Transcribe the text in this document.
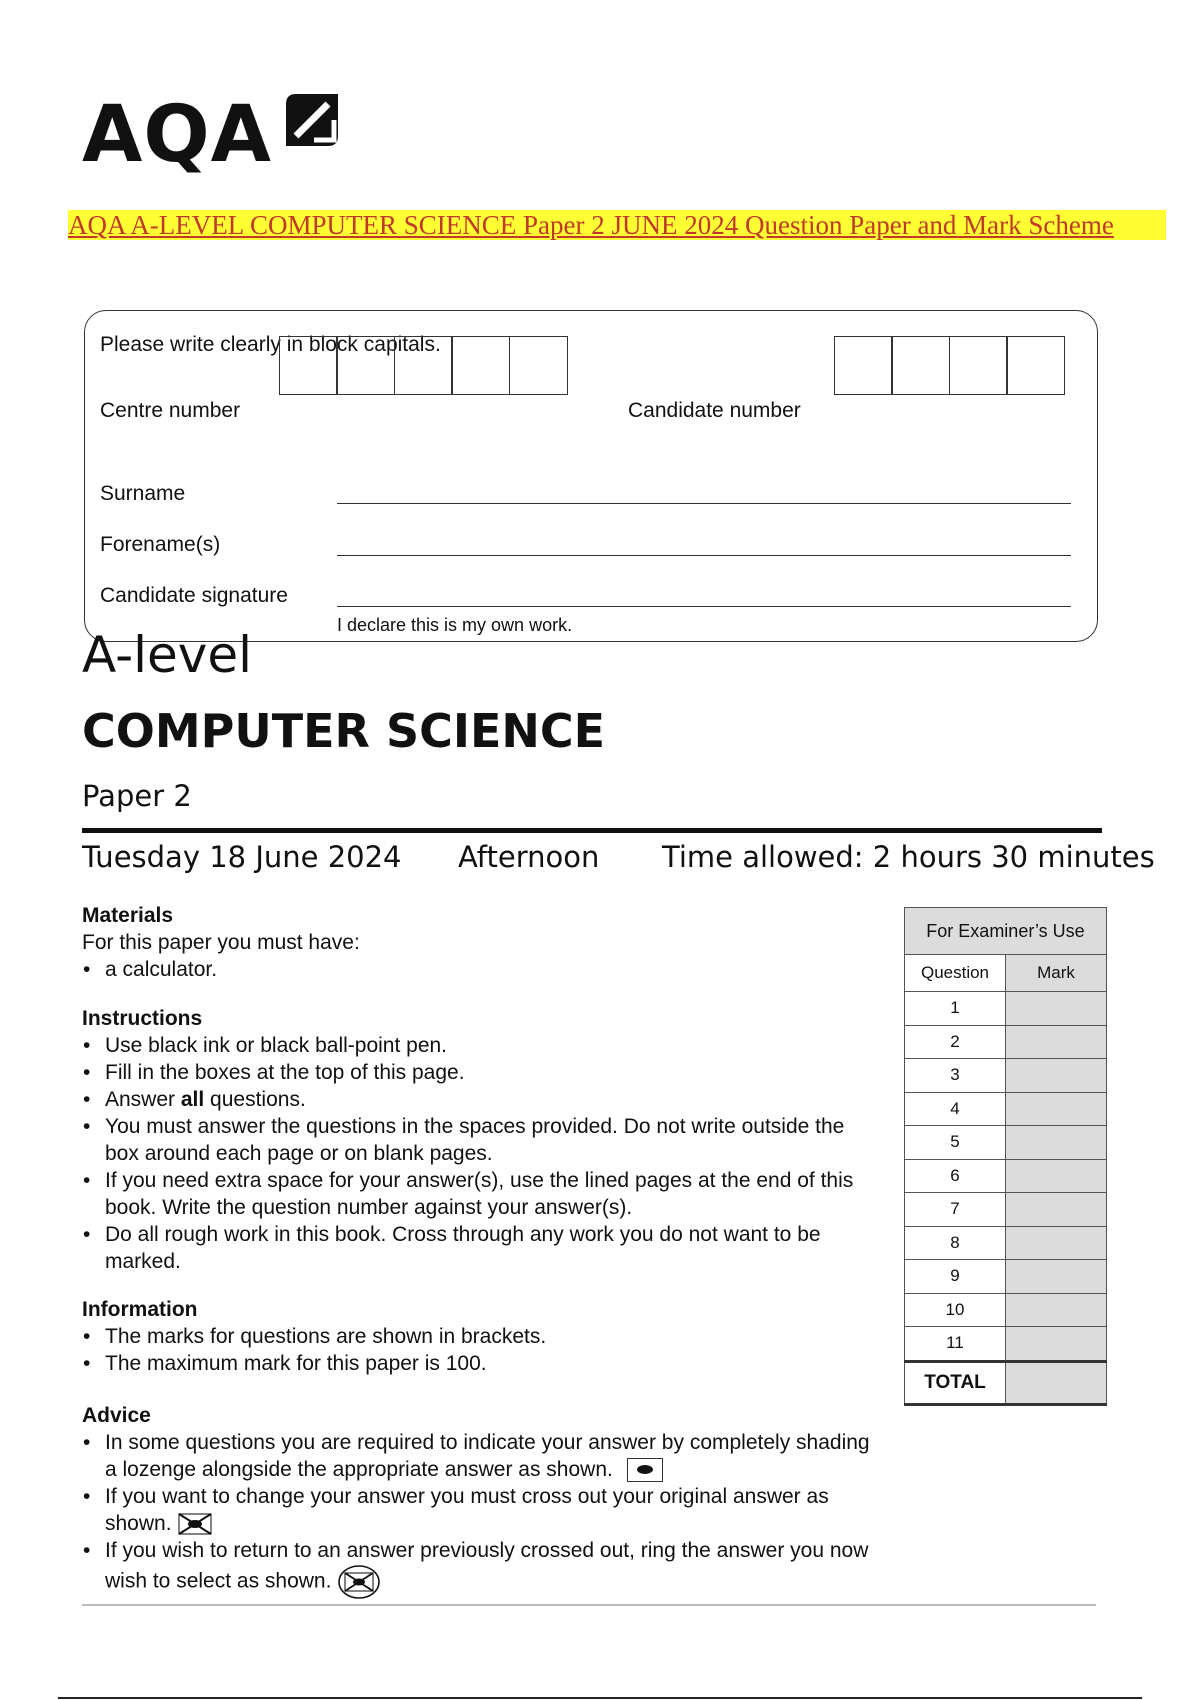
AQA
AQA A-LEVEL COMPUTER SCIENCE Paper 2 JUNE 2024 Question Paper and Mark Scheme
Please write clearly in block capitals.
Centre number	Candidate number
Surname
Forename(s)
Candidate signature
I declare this is my own work.
A-level
COMPUTER SCIENCE
Paper 2
Tuesday 18 June 2024 Afternoon Time allowed: 2 hours 30 minutes
Materials

For this paper you must have:

• a calculator.
Instructions
• Use black ink or black ball-point pen.
• Fill in the boxes at the top of this page.
• Answer all questions.
• You must answer the questions in the spaces provided. Do not write outside the box around each page or on blank pages.
• If you need extra space for your answer(s), use the lined pages at the end of this book. Write the question number against your answer(s).
• Do all rough work in this book. Cross through any work you do not want to be marked.
Information
• The marks for questions are shown in brackets.
• The maximum mark for this paper is 100.
Advice
• In some questions you are required to indicate your answer by completely shading a lozenge alongside the appropriate answer as shown.
• If you want to change your answer you must cross out your original answer as shown.
• If you wish to return to an answer previously crossed out, ring the answer you now wish to select as shown.
For Examiner’s Use	
Question	Mark
1	
2	
3	
4	
5	
6	
7	
8	
9	
10	
11	
TOTAL	
